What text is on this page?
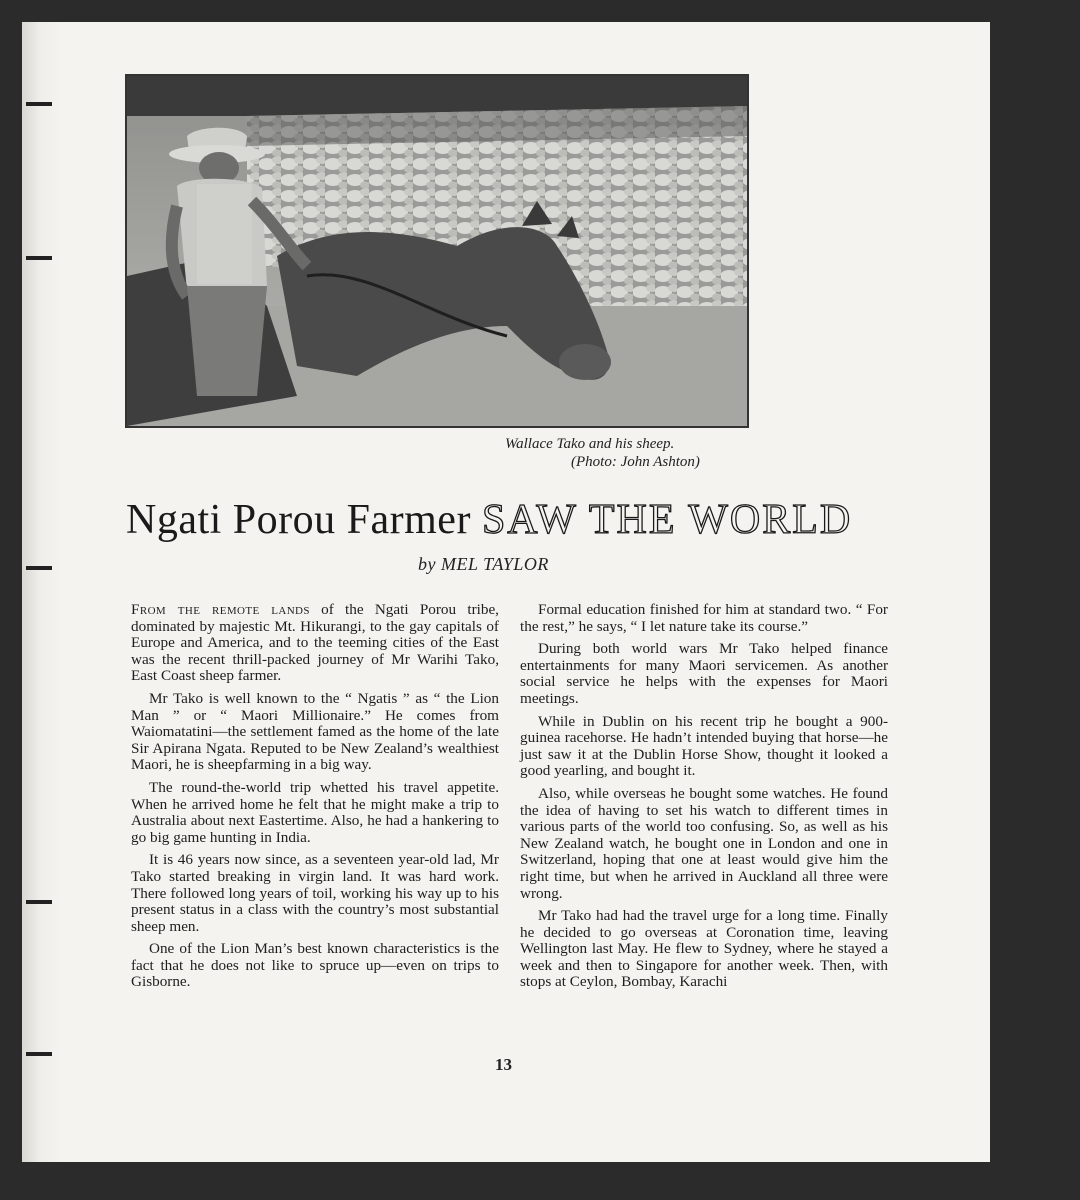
Wallace Tako and his sheep.
(Photo: John Ashton)
Ngati Porou Farmer SAW THE WORLD
by MEL TAYLOR

From the remote lands of the Ngati Porou tribe, dominated by majestic Mt. Hikurangi, to the gay capitals of Europe and America, and to the teeming cities of the East was the recent thrill-packed journey of Mr Warihi Tako, East Coast sheep farmer.

Mr Tako is well known to the “ Ngatis ” as “ the Lion Man ” or “ Maori Millionaire.” He comes from Waiomatatini—the settlement famed as the home of the late Sir Apirana Ngata. Reputed to be New Zealand’s wealthiest Maori, he is sheepfarming in a big way.

The round-the-world trip whetted his travel appetite. When he arrived home he felt that he might make a trip to Australia about next Eastertime. Also, he had a hankering to go big game hunting in India.

It is 46 years now since, as a seventeen year-old lad, Mr Tako started breaking in virgin land. It was hard work. There followed long years of toil, working his way up to his present status in a class with the country’s most substantial sheep men.

One of the Lion Man’s best known characteristics is the fact that he does not like to spruce up—even on trips to Gisborne.

Formal education finished for him at standard two. “ For the rest,” he says, “ I let nature take its course.”

During both world wars Mr Tako helped finance entertainments for many Maori servicemen. As another social service he helps with the expenses for Maori meetings.

While in Dublin on his recent trip he bought a 900-guinea racehorse. He hadn’t intended buying that horse—he just saw it at the Dublin Horse Show, thought it looked a good yearling, and bought it.

Also, while overseas he bought some watches. He found the idea of having to set his watch to different times in various parts of the world too confusing. So, as well as his New Zealand watch, he bought one in London and one in Switzerland, hoping that one at least would give him the right time, but when he arrived in Auckland all three were wrong.

Mr Tako had had the travel urge for a long time. Finally he decided to go overseas at Coronation time, leaving Wellington last May. He flew to Sydney, where he stayed a week and then to Singapore for another week. Then, with stops at Ceylon, Bombay, Karachi

13
